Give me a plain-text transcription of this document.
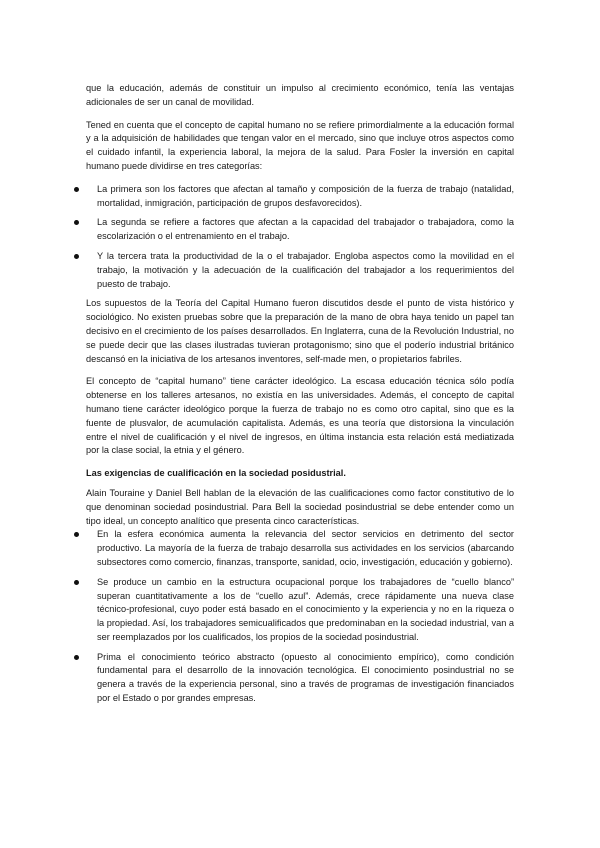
que la educación, además de constituir un impulso al crecimiento económico, tenía las ventajas adicionales de ser un canal de movilidad.

Tened en cuenta que el concepto de capital humano no se refiere primordialmente a la educación formal y a la adquisición de habilidades que tengan valor en el mercado, sino que incluye otros aspectos como el cuidado infantil, la experiencia laboral, la mejora de la salud. Para Fosler la inversión en capital humano puede dividirse en tres categorías:

La primera son los factores que afectan al tamaño y composición de la fuerza de trabajo (natalidad, mortalidad, inmigración, participación de grupos desfavorecidos).

La segunda se refiere a factores que afectan a la capacidad del trabajador o trabajadora, como la escolarización o el entrenamiento en el trabajo.

Y la tercera trata la productividad de la o el trabajador. Engloba aspectos como la movilidad en el trabajo, la motivación y la adecuación de la cualificación del trabajador a los requerimientos del puesto de trabajo.

Los supuestos de la Teoría del Capital Humano fueron discutidos desde el punto de vista histórico y sociológico. No existen pruebas sobre que la preparación de la mano de obra haya tenido un papel tan decisivo en el crecimiento de los países desarrollados. En Inglaterra, cuna de la Revolución Industrial, no se puede decir que las clases ilustradas tuvieran protagonismo; sino que el poderío industrial británico descansó en la iniciativa de los artesanos inventores, self-made men, o propietarios fabriles.

El concepto de “capital humano” tiene carácter ideológico. La escasa educación técnica sólo podía obtenerse en los talleres artesanos, no existía en las universidades. Además, el concepto de capital humano tiene carácter ideológico porque la fuerza de trabajo no es como otro capital, sino que es la fuente de plusvalor, de acumulación capitalista. Además, es una teoría que distorsiona la vinculación entre el nivel de cualificación y el nivel de ingresos, en última instancia esta relación está mediatizada por la clase social, la etnia y el género.

Las exigencias de cualificación en la sociedad posidustrial.

Alain Touraine y Daniel Bell hablan de la elevación de las cualificaciones como factor constitutivo de lo que denominan sociedad posindustrial. Para Bell la sociedad posindustrial se debe entender como un tipo ideal, un concepto analítico que presenta cinco características.

En la esfera económica aumenta la relevancia del sector servicios en detrimento del sector productivo. La mayoría de la fuerza de trabajo desarrolla sus actividades en los servicios (abarcando subsectores como comercio, finanzas, transporte, sanidad, ocio, investigación, educación y gobierno).

Se produce un cambio en la estructura ocupacional porque los trabajadores de “cuello blanco” superan cuantitativamente a los de “cuello azul”. Además, crece rápidamente una nueva clase técnico-profesional, cuyo poder está basado en el conocimiento y la experiencia y no en la riqueza o la propiedad. Así, los trabajadores semicualificados que predominaban en la sociedad industrial, van a ser reemplazados por los cualificados, los propios de la sociedad posindustrial.

Prima el conocimiento teórico abstracto (opuesto al conocimiento empírico), como condición fundamental para el desarrollo de la innovación tecnológica. El conocimiento posindustrial no se genera a través de la experiencia personal, sino a través de programas de investigación financiados por el Estado o por grandes empresas.
